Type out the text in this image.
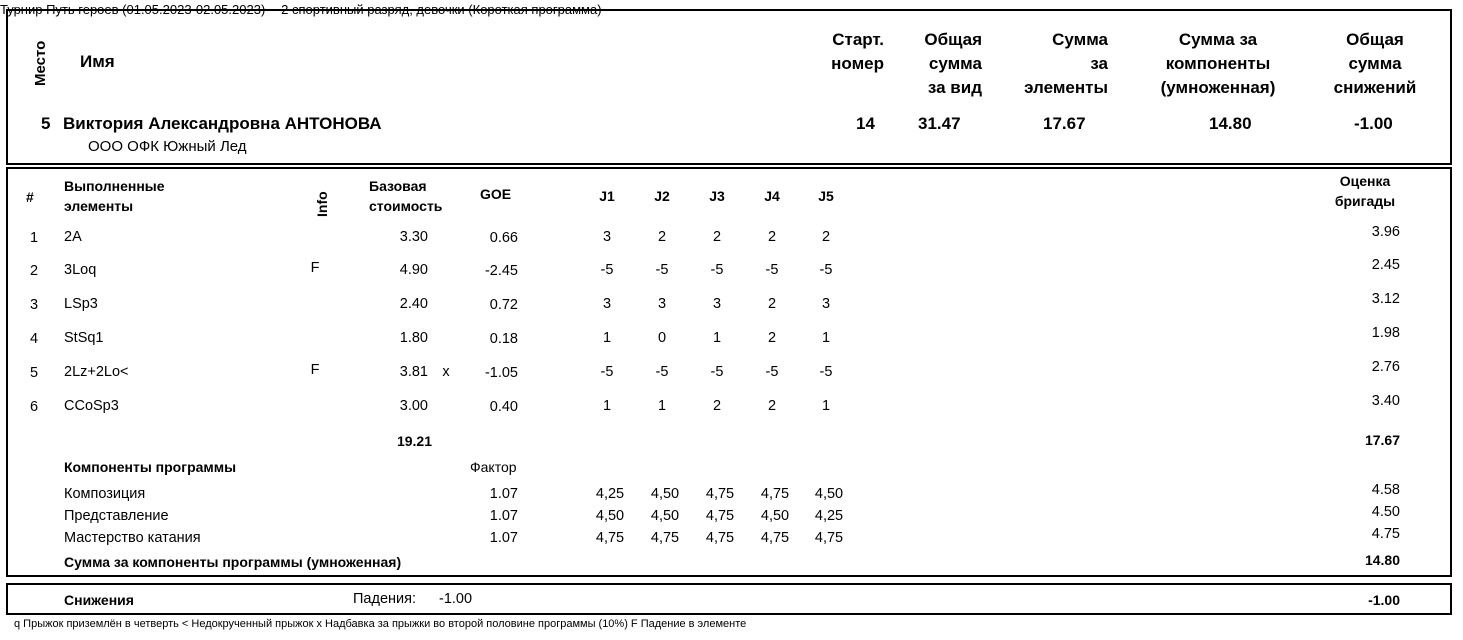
Турнир Путь героев (01.05.2023-02.05.2023) -- 2 спортивный разряд, девочки (Короткая программа)
Место Имя
Старт.
номер
Общая
сумма
за вид
Сумма
за
элементы
Сумма за
компоненты
(умноженная)
Общая
сумма
снижений
5 Виктория Александровна АНТОНОВА
ООО ОФК Южный Лед
14	31.47	17.67	14.80	-1.00
#
Выполненные
элементы	Info
Базовая
стоимость
GOE	J1	J2	J3	J4	J5
Оценка
бригады
1 2A	3.30	0.66	3	2	2	2	2	3.96
2 3Loq	F	4.90	-2.45	-5	-5	-5	-5	-5	2.45
3 LSp3	2.40	0.72	3	3	3	2	3	3.12
4 StSq1	1.80	0.18	1	0	1	2	1	1.98
5 2Lz+2Lo<	F	3.81 x	-1.05	-5	-5	-5	-5	-5	2.76
6 CCoSp3	3.00	0.40	1	1	2	2	1	3.40
19.21	17.67
Компоненты программы	Фактор
Композиция	1.07	4,25	4,50	4,75	4,75	4,50	4.58
Представление	1.07	4,50	4,50	4,75	4,50	4,25	4.50
Мастерство катания	1.07	4,75	4,75	4,75	4,75	4,75	4.75
Сумма за компоненты программы (умноженная)	14.80
Снижения	Падения: -1.00	-1.00
q Прыжок приземлён в четверть < Недокрученный прыжок x Надбавка за прыжки во второй половине программы (10%) F Падение в элементе
